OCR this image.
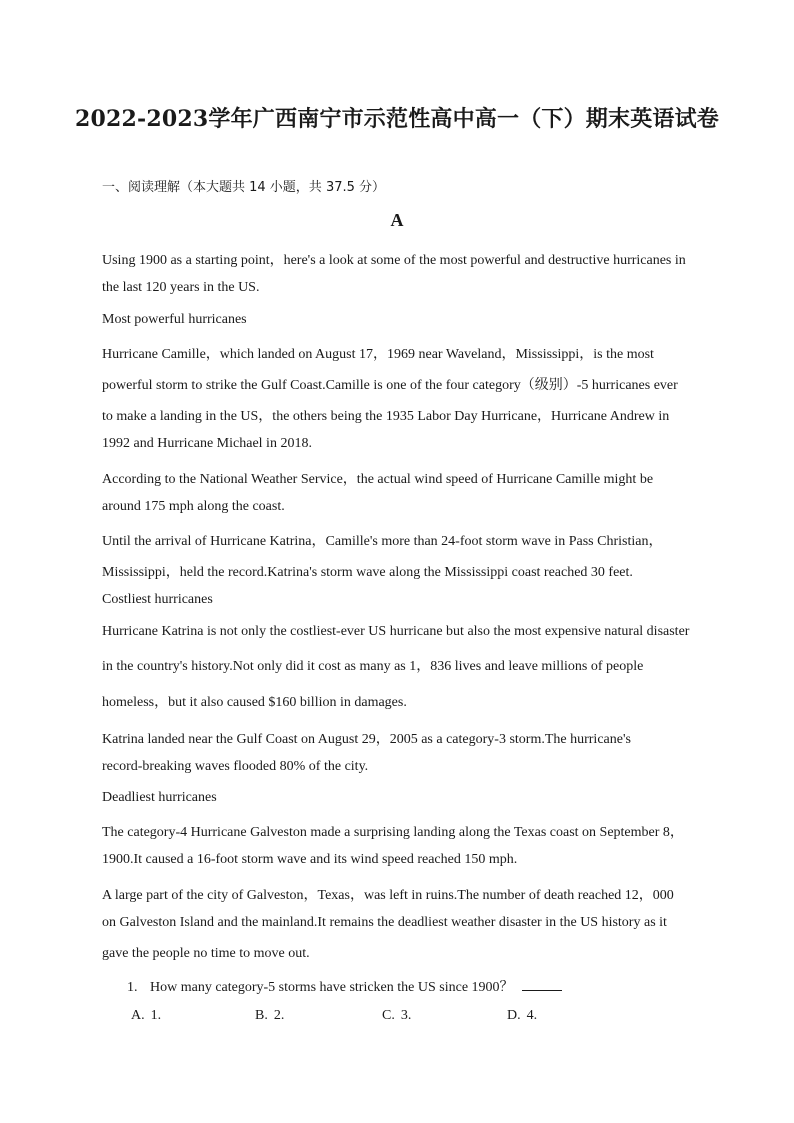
2022-2023学年广西南宁市示范性高中高一（下）期末英语试卷
一、阅读理解（本大题共 14 小题，共 37.5 分）
A
Using 1900 as a starting point，here's a look at some of the most powerful and destructive hurricanes in
the last 120 years in the US.
Most powerful hurricanes
Hurricane Camille，which landed on August 17，1969 near Waveland，Mississippi，is the most
powerful storm to strike the Gulf Coast.Camille is one of the four category（级别）-5 hurricanes ever
to make a landing in the US，the others being the 1935 Labor Day Hurricane，Hurricane Andrew in
1992 and Hurricane Michael in 2018.
According to the National Weather Service，the actual wind speed of Hurricane Camille might be
around 175 mph along the coast.
Until the arrival of Hurricane Katrina，Camille's more than 24-foot storm wave in Pass Christian，
Mississippi，held the record.Katrina's storm wave along the Mississippi coast reached 30 feet.
Costliest hurricanes
Hurricane Katrina is not only the costliest-ever US hurricane but also the most expensive natural disaster
in the country's history.Not only did it cost as many as 1，836 lives and leave millions of people
homeless，but it also caused $160 billion in damages.
Katrina landed near the Gulf Coast on August 29，2005 as a category-3 storm.The hurricane's
record-breaking waves flooded 80% of the city.
Deadliest hurricanes
The category-4 Hurricane Galveston made a surprising landing along the Texas coast on September 8，
1900.It caused a 16-foot storm wave and its wind speed reached 150 mph.
A large part of the city of Galveston，Texas，was left in ruins.The number of death reached 12，000
on Galveston Island and the mainland.It remains the deadliest weather disaster in the US history as it
gave the people no time to move out.
1. How many category-5 storms have stricken the US since 1900？
A. 1.	B. 2.	C. 3.	D. 4.
